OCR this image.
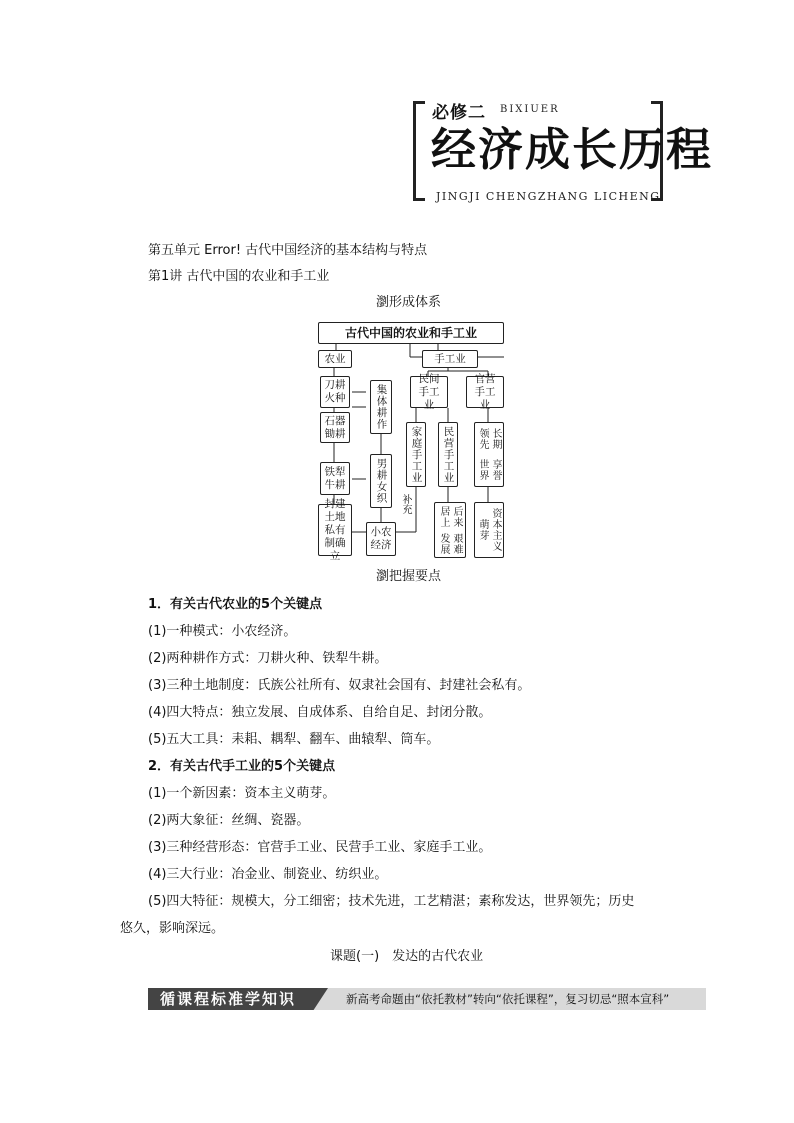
必修二 BIXIUER
经济成长历程
JINGJI CHENGZHANG LICHENG
第五单元 Error! 古代中国经济的基本结构与特点
第1讲 古代中国的农业和手工业
瀏形成体系
古代中国的农业和手工业
农业	手工业
刀耕火种
石器锄耕
铁犁牛耕
封建土地私有制确立
集体耕作
男耕女织
小农经济
民间手工业
官营手工业
家庭手工业	民营手工业	长期领先
享誉世界
后来居上
艰难发展	资本主义萌芽
补充
瀏把握要点
1．有关古代农业的5个关键点
(1)一种模式：小农经济。
(2)两种耕作方式：刀耕火种、铁犁牛耕。
(3)三种土地制度：氏族公社所有、奴隶社会国有、封建社会私有。
(4)四大特点：独立发展、自成体系、自给自足、封闭分散。
(5)五大工具：耒耜、耦犁、翻车、曲辕犁、筒车。
2．有关古代手工业的5个关键点
(1)一个新因素：资本主义萌芽。
(2)两大象征：丝绸、瓷器。
(3)三种经营形态：官营手工业、民营手工业、家庭手工业。
(4)三大行业：冶金业、制瓷业、纺织业。
(5)四大特征：规模大，分工细密；技术先进，工艺精湛；素称发达，世界领先；历史
悠久，影响深远。
课题(一)　发达的古代农业
循课程标准学知识	新高考命题由“依托教材”转向“依托课程”，复习切忌“照本宣科”
